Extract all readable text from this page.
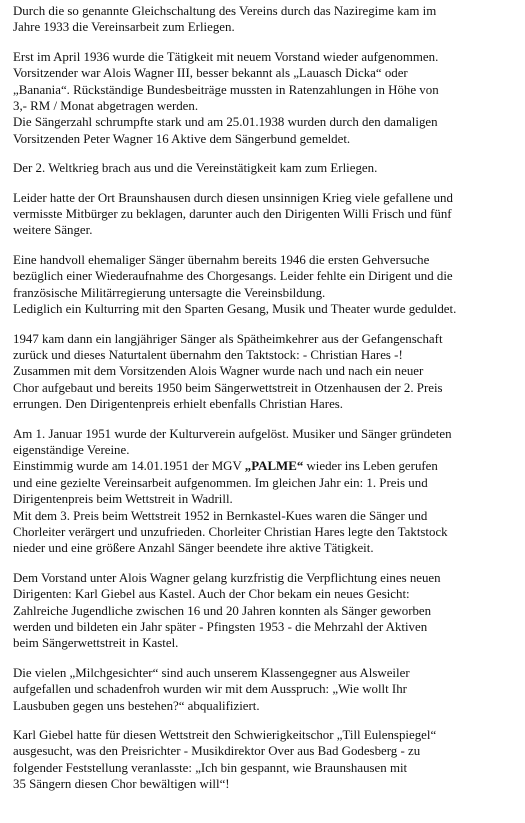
Durch die so genannte Gleichschaltung des Vereins durch das Naziregime kam im
Jahre 1933 die Vereinsarbeit zum Erliegen.

Erst im April 1936 wurde die Tätigkeit mit neuem Vorstand wieder aufgenommen.
Vorsitzender war Alois Wagner III, besser bekannt als „Lauasch Dicka“ oder
„Banania“. Rückständige Bundesbeiträge mussten in Ratenzahlungen in Höhe von
3,- RM / Monat abgetragen werden.
Die Sängerzahl schrumpfte stark und am 25.01.1938 wurden durch den damaligen
Vorsitzenden Peter Wagner 16 Aktive dem Sängerbund gemeldet.

Der 2. Weltkrieg brach aus und die Vereinstätigkeit kam zum Erliegen.

Leider hatte der Ort Braunshausen durch diesen unsinnigen Krieg viele gefallene und
vermisste Mitbürger zu beklagen, darunter auch den Dirigenten Willi Frisch und fünf
weitere Sänger.

Eine handvoll ehemaliger Sänger übernahm bereits 1946 die ersten Gehversuche
bezüglich einer Wiederaufnahme des Chorgesangs. Leider fehlte ein Dirigent und die
französische Militärregierung untersagte die Vereinsbildung.
Lediglich ein Kulturring mit den Sparten Gesang, Musik und Theater wurde geduldet.

1947 kam dann ein langjähriger Sänger als Spätheimkehrer aus der Gefangenschaft
zurück und dieses Naturtalent übernahm den Taktstock: - Christian Hares -!
Zusammen mit dem Vorsitzenden Alois Wagner wurde nach und nach ein neuer
Chor aufgebaut und bereits 1950 beim Sängerwettstreit in Otzenhausen der 2. Preis
errungen. Den Dirigentenpreis erhielt ebenfalls Christian Hares.

Am 1. Januar 1951 wurde der Kulturverein aufgelöst. Musiker und Sänger gründeten
eigenständige Vereine.
Einstimmig wurde am 14.01.1951 der MGV „PALME“ wieder ins Leben gerufen
und eine gezielte Vereinsarbeit aufgenommen. Im gleichen Jahr ein: 1. Preis und
Dirigentenpreis beim Wettstreit in Wadrill.
Mit dem 3. Preis beim Wettstreit 1952 in Bernkastel-Kues waren die Sänger und
Chorleiter verärgert und unzufrieden. Chorleiter Christian Hares legte den Taktstock
nieder und eine größere Anzahl Sänger beendete ihre aktive Tätigkeit.

Dem Vorstand unter Alois Wagner gelang kurzfristig die Verpflichtung eines neuen
Dirigenten: Karl Giebel aus Kastel. Auch der Chor bekam ein neues Gesicht:
Zahlreiche Jugendliche zwischen 16 und 20 Jahren konnten als Sänger geworben
werden und bildeten ein Jahr später - Pfingsten 1953 - die Mehrzahl der Aktiven
beim Sängerwettstreit in Kastel.

Die vielen „Milchgesichter“ sind auch unserem Klassengegner aus Alsweiler
aufgefallen und schadenfroh wurden wir mit dem Ausspruch: „Wie wollt Ihr
Lausbuben gegen uns bestehen?“ abqualifiziert.

Karl Giebel hatte für diesen Wettstreit den Schwierigkeitschor „Till Eulenspiegel“
ausgesucht, was den Preisrichter - Musikdirektor Over aus Bad Godesberg - zu
folgender Feststellung veranlasste: „Ich bin gespannt, wie Braunshausen mit
35 Sängern diesen Chor bewältigen will“!
